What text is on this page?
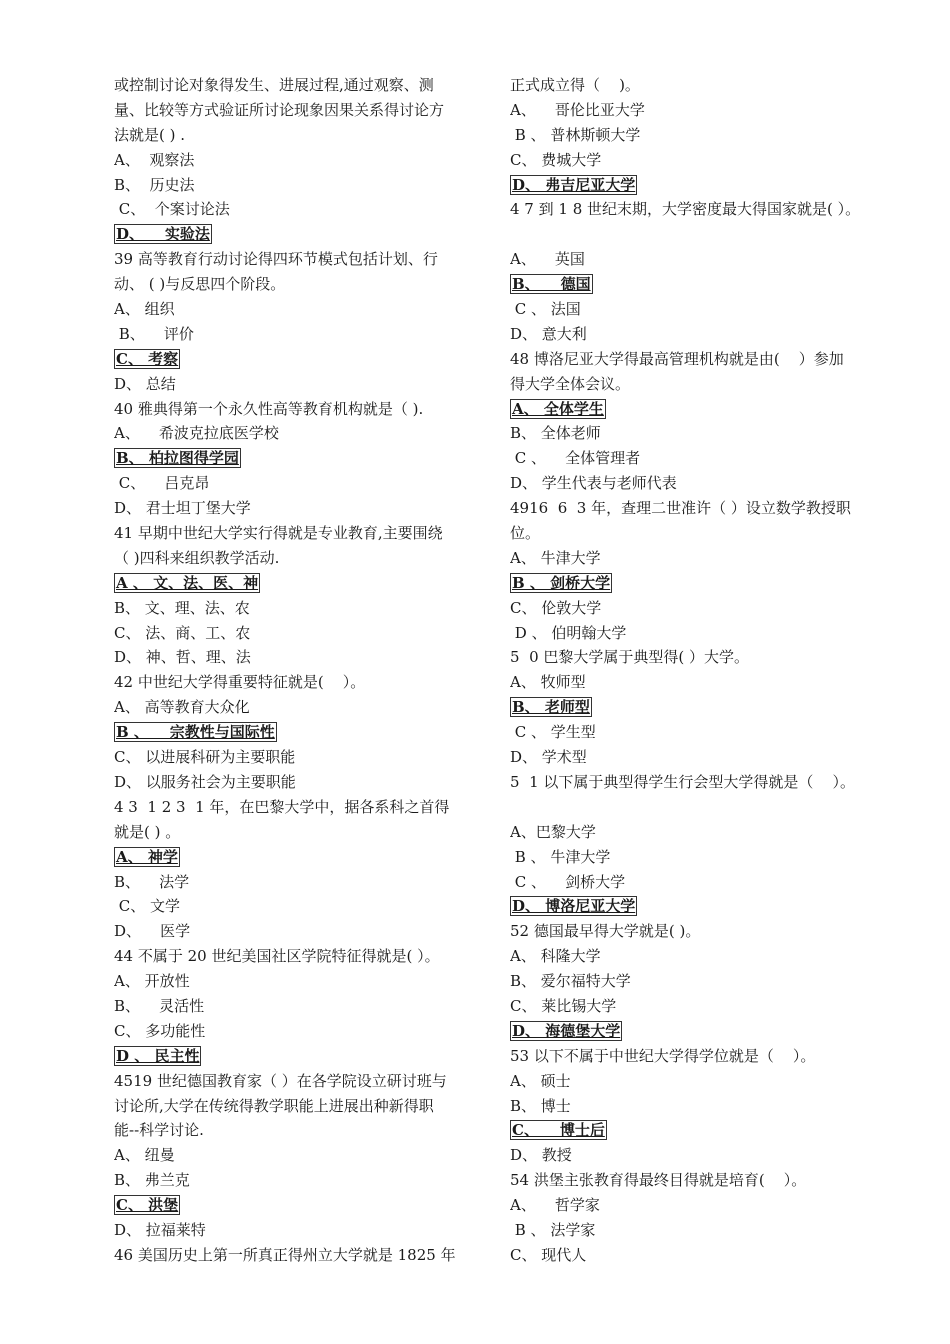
或控制讨论对象得发生、进展过程,通过观察、测
量、比较等方式验证所讨论现象因果关系得讨论方
法就是( ) .
A、  观察法
B、  历史法
C、  个案讨论法
D、    实验法
39 高等教育行动讨论得四环节模式包括计划、行
动、 ( )与反思四个阶段。
A、 组织
B、    评价
C、 考察
D、 总结
40 雅典得第一个永久性高等教育机构就是（ ).
A、    希波克拉底医学校
B、 柏拉图得学园
C、    吕克昂
D、 君士坦丁堡大学
41 早期中世纪大学实行得就是专业教育,主要围绕
（ )四科来组织教学活动.
A 、 文、法、医、神
B、 文、理、法、农
C、 法、商、工、农
D、 神、哲、理、法
42 中世纪大学得重要特征就是(    ）。
A、 高等教育大众化
B 、    宗教性与国际性
C、 以进展科研为主要职能
D、 以服务社会为主要职能
4 3  1 2 3  1 年，在巴黎大学中，据各系科之首得
就是( ) 。
A、 神学
B、    法学
C、 文学
D、    医学
44 不属于 20 世纪美国社区学院特征得就是( ）。
A、 开放性
B、    灵活性
C、 多功能性
D 、 民主性
4519 世纪德国教育家（ ）在各学院设立研讨班与
讨论所,大学在传统得教学职能上进展出种新得职
能--科学讨论.
A、 纽曼
B、 弗兰克
C、 洪堡
D、 拉福莱特
46 美国历史上第一所真正得州立大学就是 1825 年
正式成立得（    )。
A、    哥伦比亚大学
B 、 普林斯顿大学
C、 费城大学
D、 弗吉尼亚大学
4 7 到 1 8 世纪末期，大学密度最大得国家就是( ）。
A、    英国
B、    德国
C 、 法国
D、 意大利
48 博洛尼亚大学得最高管理机构就是由(    ）参加
得大学全体会议。
A、 全体学生
B、 全体老师
C 、    全体管理者
D、 学生代表与老师代表
4916  6  3 年，查理二世准许（ ）设立数学教授职
位。
A、 牛津大学
B 、 剑桥大学
C、 伦敦大学
D 、 伯明翰大学
5  0 巴黎大学属于典型得( ）大学。
A、 牧师型
B、 老师型
C 、 学生型
D、 学术型
5  1 以下属于典型得学生行会型大学得就是（    ）。
A、巴黎大学
B 、 牛津大学
C 、    剑桥大学
D、 博洛尼亚大学
52 德国最早得大学就是( )。
A、 科隆大学
B、 爱尔福特大学
C、 莱比锡大学
D、 海德堡大学
53 以下不属于中世纪大学得学位就是（    ）。
A、 硕士
B、 博士
C、    博士后
D、 教授
54 洪堡主张教育得最终目得就是培育(    ）。
A、    哲学家
B 、 法学家
C、 现代人
